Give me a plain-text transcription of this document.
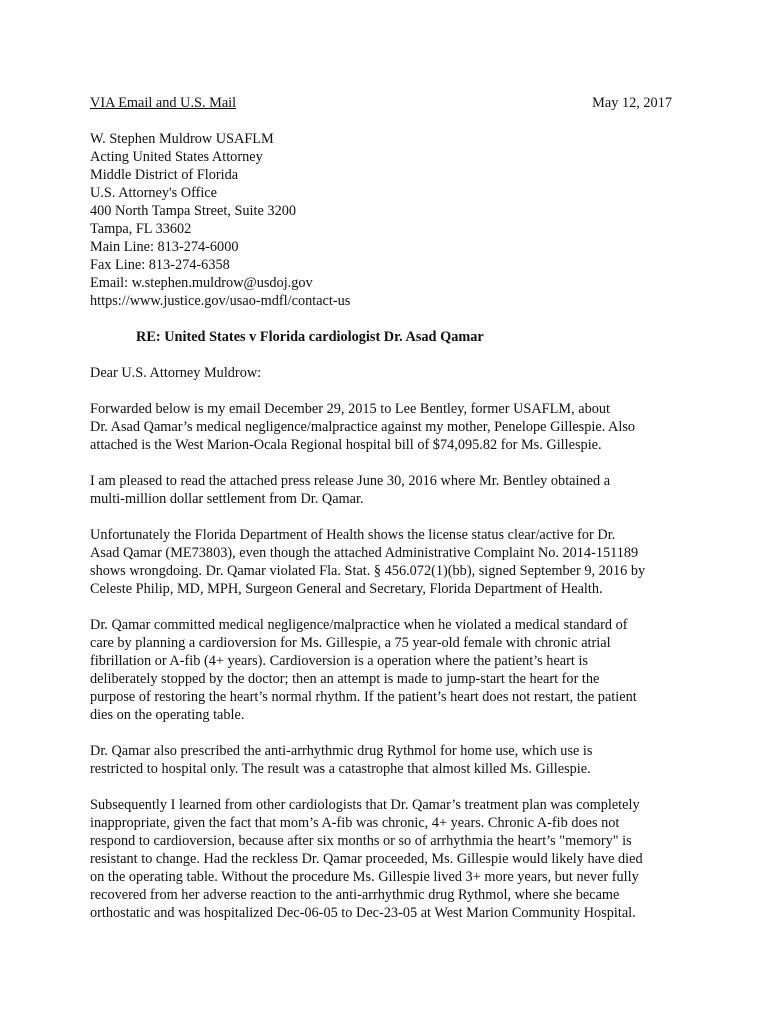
VIA Email and U.S. Mail	May 12, 2017
W. Stephen Muldrow USAFLM
Acting United States Attorney
Middle District of Florida
U.S. Attorney's Office
400 North Tampa Street, Suite 3200
Tampa, FL 33602
Main Line: 813-274-6000
Fax Line: 813-274-6358
Email: w.stephen.muldrow@usdoj.gov
https://www.justice.gov/usao-mdfl/contact-us
RE: United States v Florida cardiologist Dr. Asad Qamar
Dear U.S. Attorney Muldrow:
Forwarded below is my email December 29, 2015 to Lee Bentley, former USAFLM, about
Dr. Asad Qamar’s medical negligence/malpractice against my mother, Penelope Gillespie. Also
attached is the West Marion-Ocala Regional hospital bill of $74,095.82 for Ms. Gillespie.
I am pleased to read the attached press release June 30, 2016 where Mr. Bentley obtained a
multi-million dollar settlement from Dr. Qamar.
Unfortunately the Florida Department of Health shows the license status clear/active for Dr.
Asad Qamar (ME73803), even though the attached Administrative Complaint No. 2014-151189
shows wrongdoing. Dr. Qamar violated Fla. Stat. § 456.072(1)(bb), signed September 9, 2016 by
Celeste Philip, MD, MPH, Surgeon General and Secretary, Florida Department of Health.
Dr. Qamar committed medical negligence/malpractice when he violated a medical standard of
care by planning a cardioversion for Ms. Gillespie, a 75 year-old female with chronic atrial
fibrillation or A-fib (4+ years). Cardioversion is a operation where the patient’s heart is
deliberately stopped by the doctor; then an attempt is made to jump-start the heart for the
purpose of restoring the heart’s normal rhythm. If the patient’s heart does not restart, the patient
dies on the operating table.
Dr. Qamar also prescribed the anti-arrhythmic drug Rythmol for home use, which use is
restricted to hospital only. The result was a catastrophe that almost killed Ms. Gillespie.
Subsequently I learned from other cardiologists that Dr. Qamar’s treatment plan was completely
inappropriate, given the fact that mom’s A-fib was chronic, 4+ years. Chronic A-fib does not
respond to cardioversion, because after six months or so of arrhythmia the heart’s "memory" is
resistant to change. Had the reckless Dr. Qamar proceeded, Ms. Gillespie would likely have died
on the operating table. Without the procedure Ms. Gillespie lived 3+ more years, but never fully
recovered from her adverse reaction to the anti-arrhythmic drug Rythmol, where she became
orthostatic and was hospitalized Dec-06-05 to Dec-23-05 at West Marion Community Hospital.
